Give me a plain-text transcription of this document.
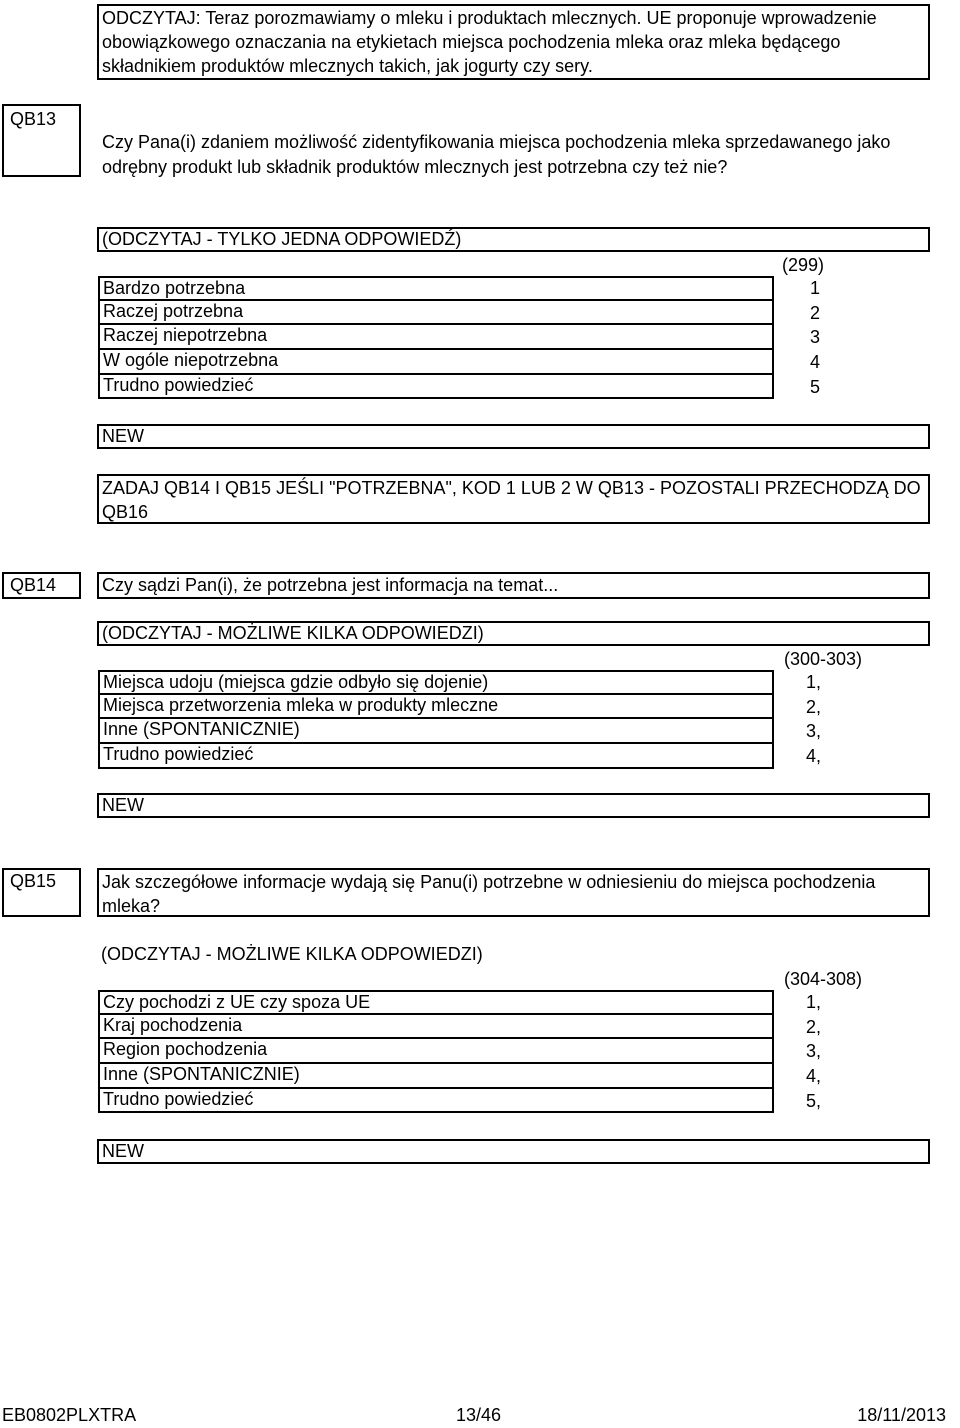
ODCZYTAJ: Teraz porozmawiamy o mleku i produktach mlecznych. UE proponuje wprowadzenie obowiązkowego oznaczania na etykietach miejsca pochodzenia mleka oraz mleka będącego składnikiem produktów mlecznych takich, jak jogurty czy sery.
QB13
Czy Pana(i) zdaniem możliwość zidentyfikowania miejsca pochodzenia mleka sprzedawanego jako odrębny produkt lub składnik produktów mlecznych jest potrzebna czy też nie?
(ODCZYTAJ - TYLKO JEDNA ODPOWIEDŹ)
(299)
Bardzo potrzebna	1
Raczej potrzebna	2
Raczej niepotrzebna	3
W ogóle niepotrzebna	4
Trudno powiedzieć	5
NEW
ZADAJ QB14 I QB15 JEŚLI "POTRZEBNA", KOD 1 LUB 2 W QB13 - POZOSTALI PRZECHODZĄ DO QB16
QB14	Czy sądzi Pan(i), że potrzebna jest informacja na temat...
(ODCZYTAJ - MOŻLIWE KILKA ODPOWIEDZI)
(300-303)
Miejsca udoju (miejsca gdzie odbyło się dojenie)	1,
Miejsca przetworzenia mleka w produkty mleczne	2,
Inne (SPONTANICZNIE)	3,
Trudno powiedzieć	4,
NEW
QB15	Jak szczegółowe informacje wydają się Panu(i) potrzebne w odniesieniu do miejsca pochodzenia mleka?
(ODCZYTAJ - MOŻLIWE KILKA ODPOWIEDZI)
(304-308)
Czy pochodzi z UE czy spoza UE	1,
Kraj pochodzenia	2,
Region pochodzenia	3,
Inne (SPONTANICZNIE)	4,
Trudno powiedzieć	5,
NEW
EB0802PLXTRA	13/46	18/11/2013
